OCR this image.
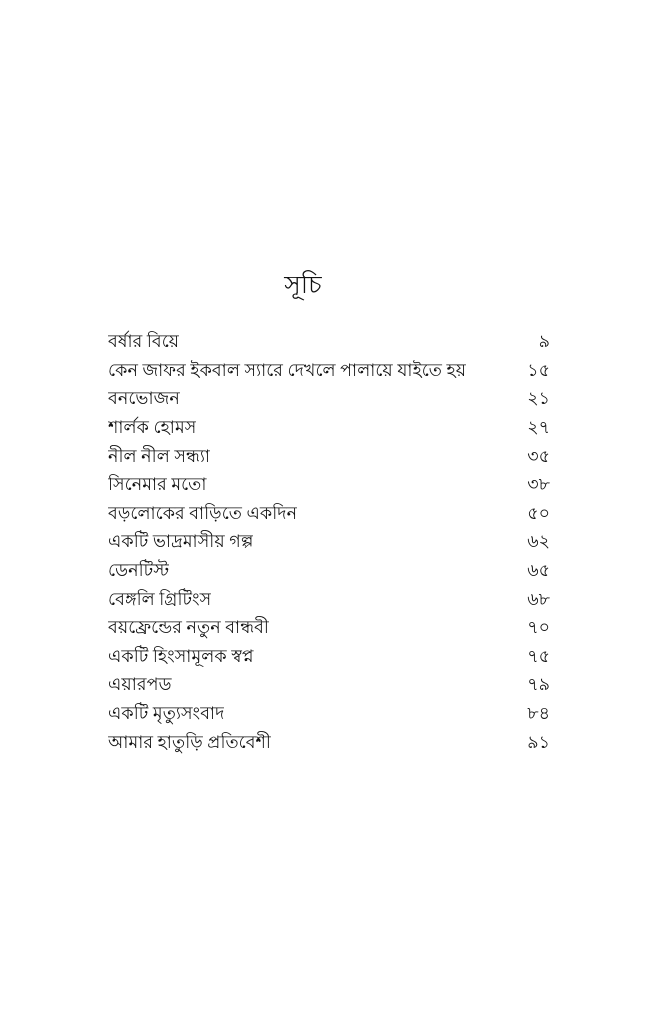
সূচি
বর্ষার বিয়ে	৯
কেন জাফর ইকবাল স্যারে দেখলে পালায়ে যাইতে হয়	১৫
বনভোজন	২১
শার্লক হোমস	২৭
নীল নীল সন্ধ্যা	৩৫
সিনেমার মতো	৩৮
বড়লোকের বাড়িতে একদিন	৫০
একটি ভাদ্রমাসীয় গল্প	৬২
ডেনটিস্ট	৬৫
বেঙ্গলি গ্রিটিংস	৬৮
বয়ফ্রেন্ডের নতুন বান্ধবী	৭০
একটি হিংসামূলক স্বপ্ন	৭৫
এয়ারপড	৭৯
একটি মৃত্যুসংবাদ	৮৪
আমার হাতুড়ি প্রতিবেশী	৯১
